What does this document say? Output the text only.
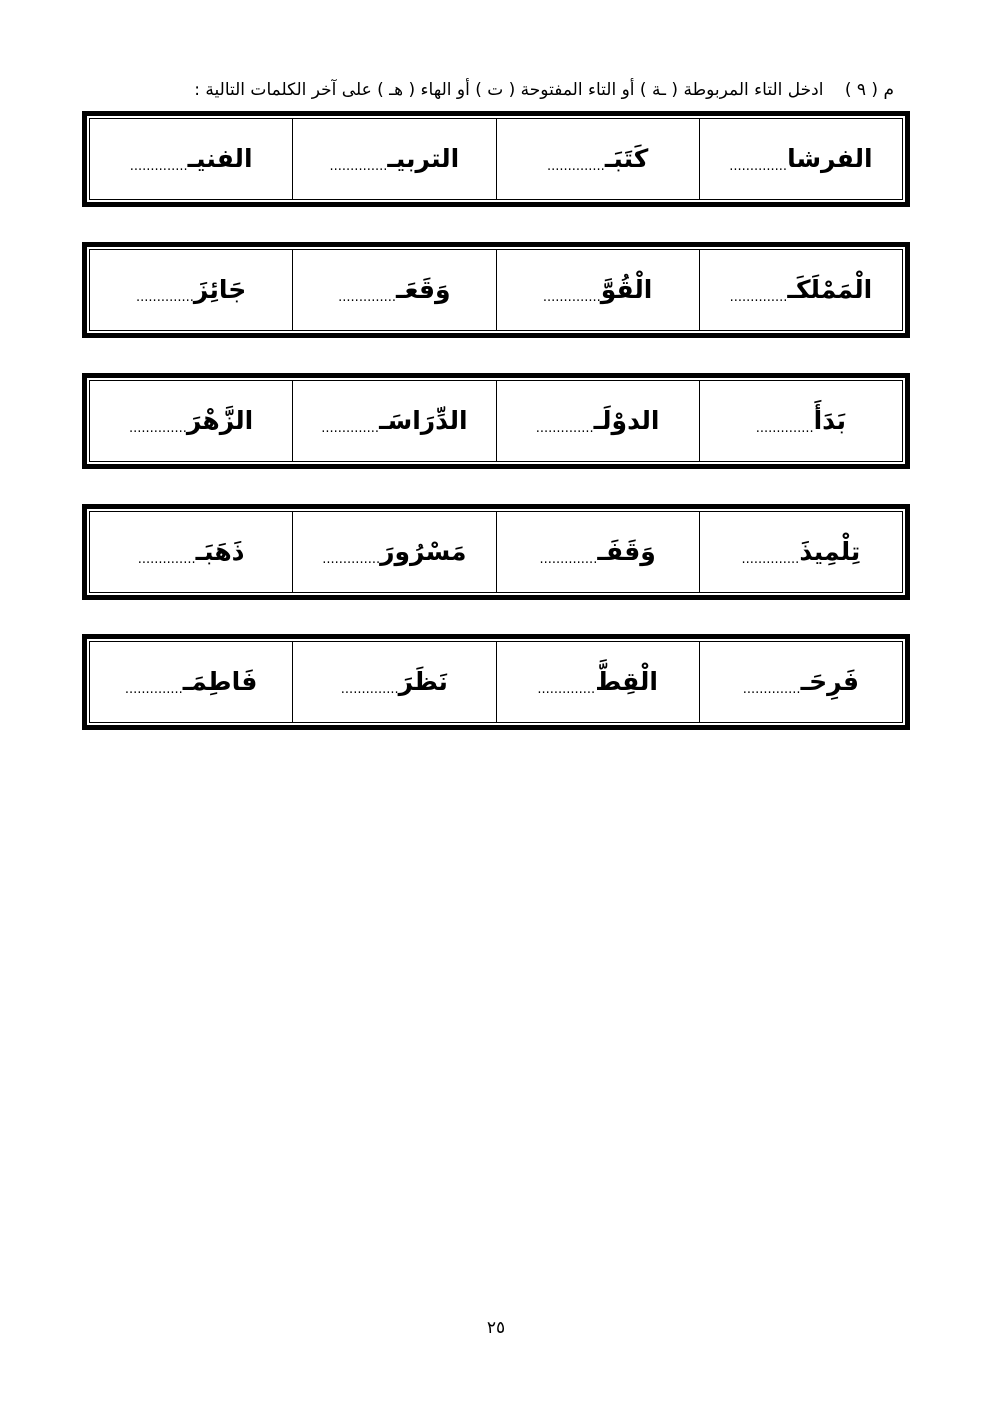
م ( ٩ ) ادخل التاء المربوطة ( ـة ) أو التاء المفتوحة ( ت ) أو الهاء ( هـ ) على آخر الكلمات التالية :
الفرشا
..............
كَتَبَـ
..............
التربيـ
..............
الفنيـ
..............
الْمَمْلَكَـ
..............
الْقُوَّ
..............
وَقَعَـ
..............
جَائِزَ
..............
بَدَأَ
..............
الدوْلَـ
..............
الدِّرَاسَـ
..............
الزَّهْرَ
..............
تِلْمِيذَ
..............
وَقَفَـ
..............
مَسْرُورَ
..............
ذَهَبَـ
..............
فَرِحَـ
..............
الْقِطَّ
..............
نَظَرَ
..............
فَاطِمَـ
..............
٢٥
